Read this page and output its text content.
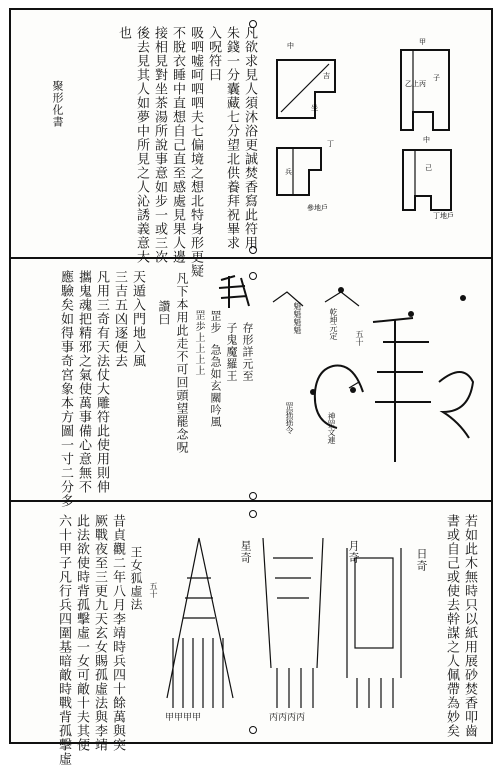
中
吉
坐
丁
兵
參地戶
甲
乙上丙
子
中
己
丁地戶
凡欲求見人須沐浴更誠焚香寫此符用
朱錢一分囊藏七分望北供養拜祝畢求
入呪符曰
吸呬嘘呵呬呬夫七偏境之想北特身形更疑
不脫衣睡中直想自己直至感處見果人邊
接相見對坐茶湯所說事意如步一或三次
後去見其人如夢中所見之人沁誘義意大
也
聚形化書
乾坤元定
神罡文連
罡猺猺令
魁魁魁魁
五十
存形詳元至
子鬼魔羅王
急急如玄關吟風
罡步
罡歩上上上上
凡下本用此走不可回頭望罷念呪
讚曰
天遁入門地入風
三吉五凶逐便去
凡用三奇有天法仗大雕符此使用則伸
攜鬼魂把精邪之氣使萬事備心意無不
應驗矣如得事奇宮象本方圖一寸二分多
若如此木無時只以紙用展砂焚香叩齒
書或自己或使去幹謀之人佩帶為妙矣
日奇
月奇
星奇
丙丙丙丙
甲甲甲甲
五十
王女狐虛法
昔貞觀二年八月李靖時兵四十餘萬與突
厥戰夜至三更九天玄女賜孤虛法與李靖
此法欲使時背孤擊虛一女可敵十夫其便
六十甲子凡行兵四圍基暗敵時戰背孤擊虛
